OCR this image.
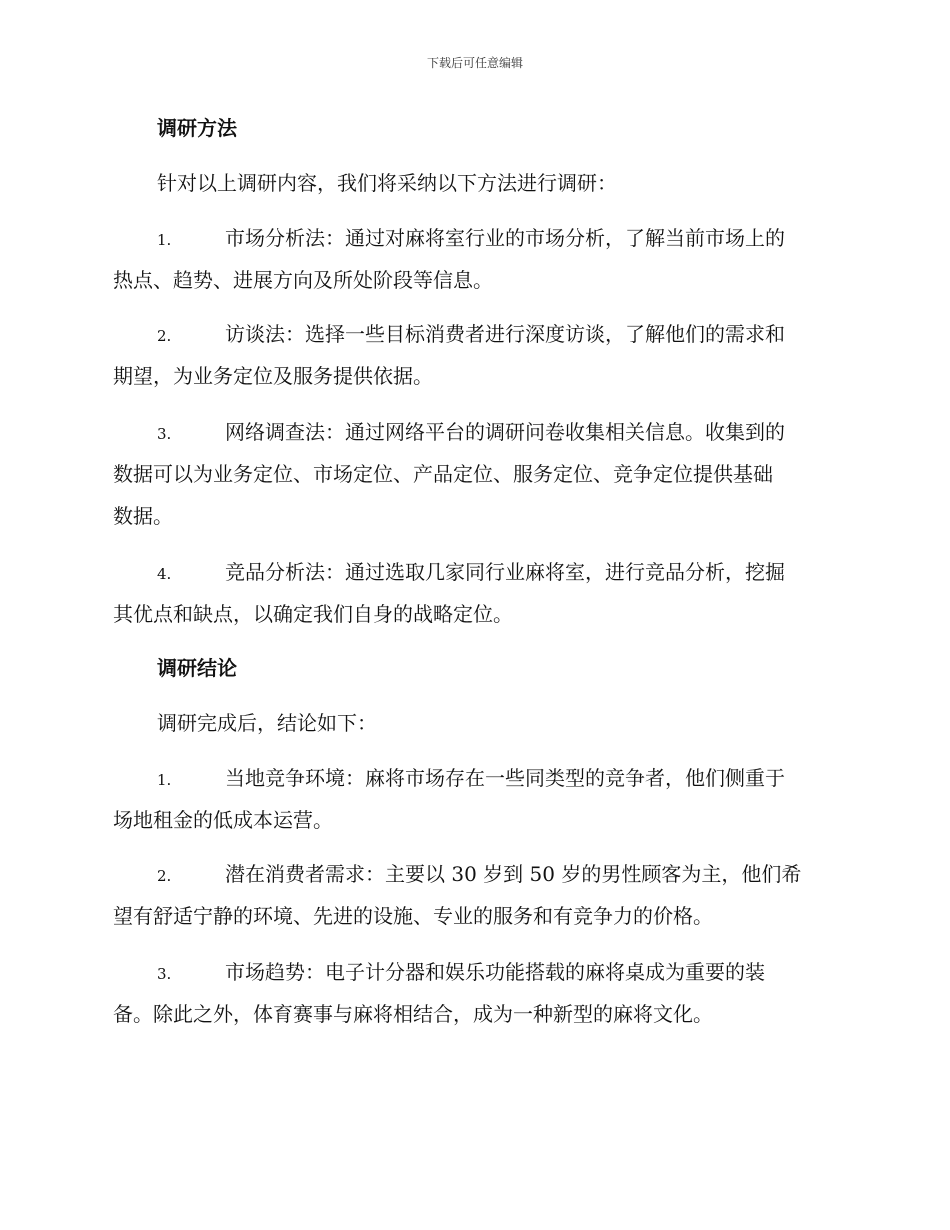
下载后可任意编辑
调研方法
针对以上调研内容，我们将采纳以下方法进行调研：
1.	市场分析法：通过对麻将室行业的市场分析，了解当前市场上的
热点、趋势、进展方向及所处阶段等信息。
2.	访谈法：选择一些目标消费者进行深度访谈，了解他们的需求和
期望，为业务定位及服务提供依据。
3.	网络调查法：通过网络平台的调研问卷收集相关信息。收集到的
数据可以为业务定位、市场定位、产品定位、服务定位、竞争定位提供基础
数据。
4.	竞品分析法：通过选取几家同行业麻将室，进行竞品分析，挖掘
其优点和缺点，以确定我们自身的战略定位。
调研结论
调研完成后，结论如下：
1.	当地竞争环境：麻将市场存在一些同类型的竞争者，他们侧重于
场地租金的低成本运营。
2.	潜在消费者需求：主要以 30 岁到 50 岁的男性顾客为主，他们希
望有舒适宁静的环境、先进的设施、专业的服务和有竞争力的价格。
3.	市场趋势：电子计分器和娱乐功能搭载的麻将桌成为重要的装
备。除此之外，体育赛事与麻将相结合，成为一种新型的麻将文化。
